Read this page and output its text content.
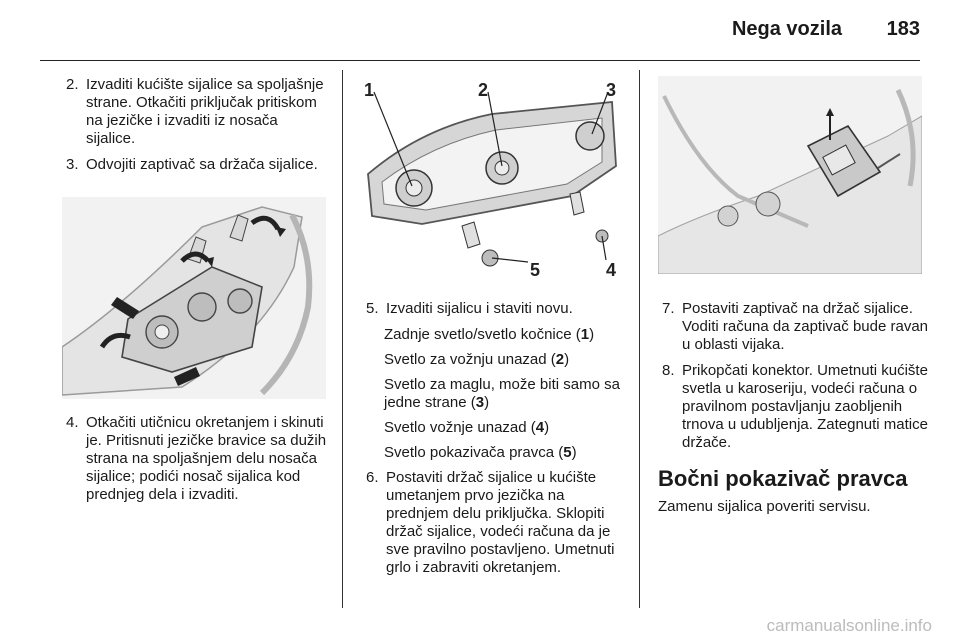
Nega vozila 183
2. Izvaditi kućište sijalice sa spoljašnje strane. Otkačiti priključak pritiskom na jezičke i izvaditi iz nosača sijalice.
3. Odvojiti zaptivač sa držača sijalice.
4. Otkačiti utičnicu okretanjem i skinuti je. Pritisnuti jezičke bravice sa dužih strana na spoljašnjem delu nosača sijalice; podići nosač sijalica kod prednjeg dela i izvaditi.
1	2	3
4
5
5. Izvaditi sijalicu i staviti novu.

Zadnje svetlo/svetlo kočnice (1)

Svetlo za vožnju unazad (2)

Svetlo za maglu, može biti samo sa jedne strane (3)

Svetlo vožnje unazad (4)

Svetlo pokazivača pravca (5)

6. Postaviti držač sijalice u kućište umetanjem prvo jezička na prednjem delu priključka. Sklopiti držač sijalice, vodeći računa da je sve pravilno postavljeno. Umetnuti grlo i zabraviti okretanjem.
7. Postaviti zaptivač na držač sijalice. Voditi računa da zaptivač bude ravan u oblasti vijaka.
8. Prikopčati konektor. Umetnuti kućište svetla u karoseriju, vodeći računa o pravilnom postavljanju zaobljenih trnova u udubljenja. Zategnuti matice držače.
Bočni pokazivač pravca
Zamenu sijalica poveriti servisu.
carmanualsonline.info
